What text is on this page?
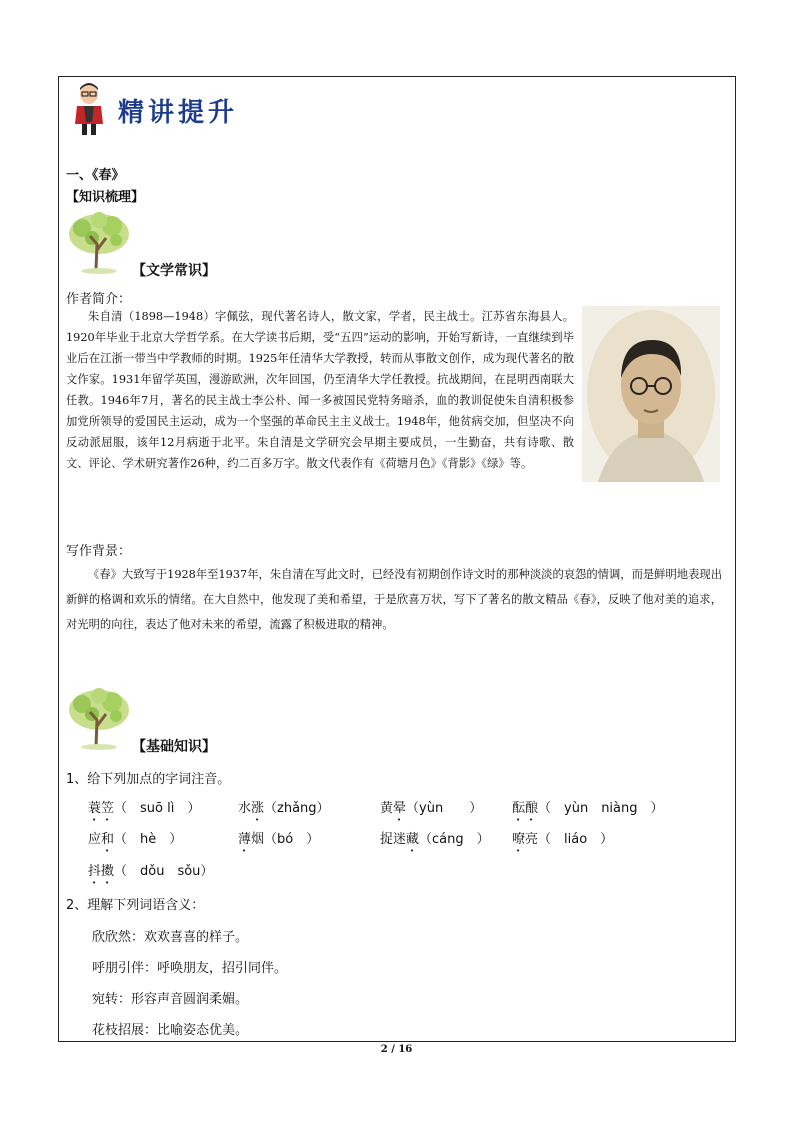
精讲提升
一、《春》
【知识梳理】
【文学常识】
作者简介：

朱自清（1898—1948）字佩弦，现代著名诗人，散文家，学者，民主战士。江苏省东海县人。1920年毕业于北京大学哲学系。在大学读书后期，受“五四”运动的影响，开始写新诗，一直继续到毕业后在江浙一带当中学教师的时期。1925年任清华大学教授，转而从事散文创作，成为现代著名的散文作家。1931年留学英国，漫游欧洲，次年回国，仍至清华大学任教授。抗战期间，在昆明西南联大任教。1946年7月，著名的民主战士李公朴、闻一多被国民党特务暗杀，血的教训促使朱自清积极参加党所领导的爱国民主运动，成为一个坚强的革命民主主义战士。1948年，他贫病交加，但坚决不向反动派屈服，该年12月病逝于北平。朱自清是文学研究会早期主要成员，一生勤奋，共有诗歌、散文、评论、学术研究著作26种，约二百多万字。散文代表作有《荷塘月色》《背影》《绿》等。

写作背景：

《春》大致写于1928年至1937年，朱自清在写此文时，已经没有初期创作诗文时的那种淡淡的哀怨的情调，而是鲜明地表现出新鲜的格调和欢乐的情绪。在大自然中，他发现了美和希望，于是欣喜万状，写下了著名的散文精品《春》，反映了他对美的追求，对光明的向往，表达了他对未来的希望，流露了积极进取的精神。

【基础知识】
1、给下列加点的字词注音。
蓑笠（　suō lì　）	水涨（zhǎng）	黄晕（yùn　　） 酝酿（　yùn　niàng　）
应和（　hè　）	薄烟（bó　）	捉迷藏（cáng　） 嘹亮（　liáo　）
抖擞（　dǒu　sǒu）
2、理解下列词语含义：
欣欣然：欢欢喜喜的样子。
呼朋引伴：呼唤朋友，招引同伴。
宛转：形容声音圆润柔媚。
花枝招展：比喻姿态优美。
2 / 16
